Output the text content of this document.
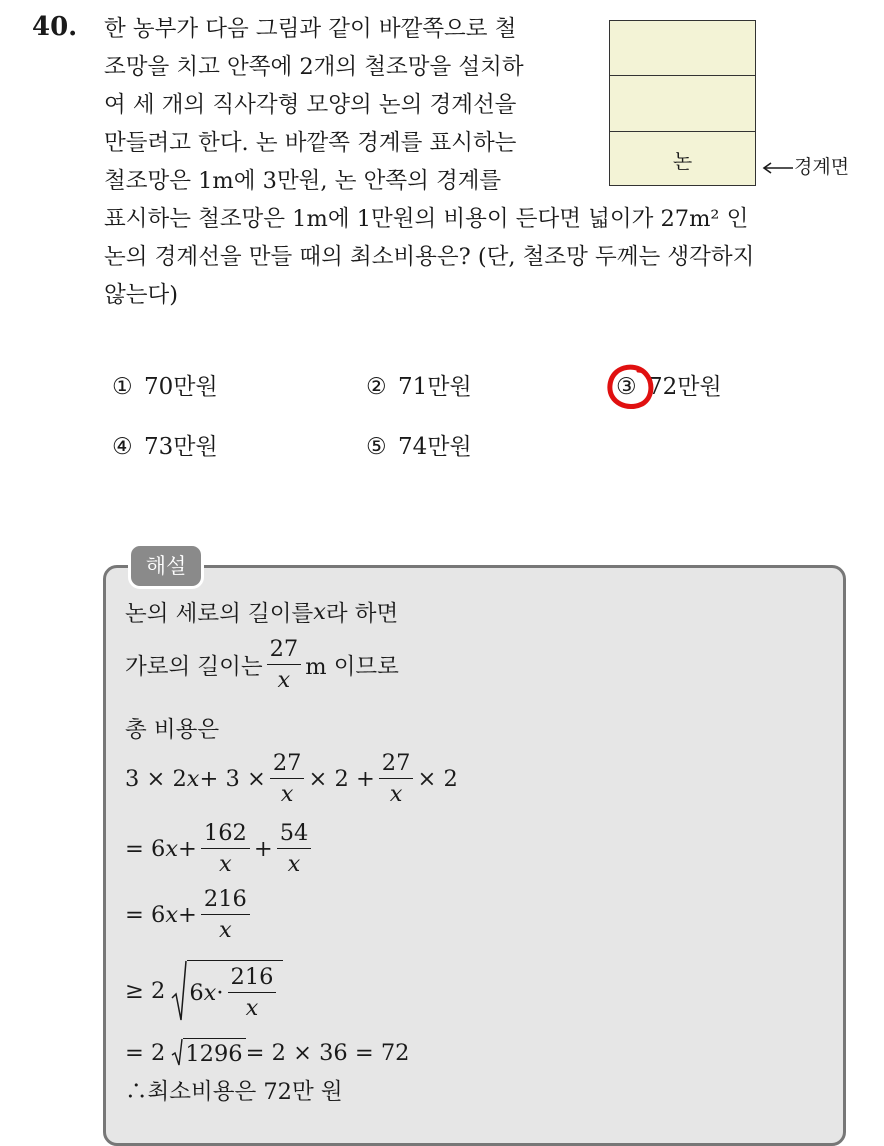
40. 한 농부가 다음 그림과 같이 바깥쪽으로 철
조망을 치고 안쪽에 2개의 철조망을 설치하
여 세 개의 직사각형 모양의 논의 경계선을
만들려고 한다. 논 바깥쪽 경계를 표시하는
철조망은 1m에 3만원, 논 안쪽의 경계를
표시하는 철조망은 1m에 1만원의 비용이 든다면 넓이가 27m² 인
논의 경계선을 만들 때의 최소비용은? (단, 철조망 두께는 생각하지
않는다)
논	경계면
① 70만원	② 71만원	③ 72만원
④ 73만원	⑤ 74만원
해설
논의 세로의 길이를 x 라 하면
가로의 길이는 $\frac{27}{x}$ m 이므로
총 비용은
3 × 2 $x + 3 \times \frac{27}{x} \times 2 + \frac{27}{x} \times 2$
= 6 $x + \frac{162}{x} + \frac{54}{x}$
= 6 $x + \frac{216}{x}$
≥ 2 6 $x \cdot \frac{216}{x}$
= 2 1296 = 2 × 36 = 72
∴최소비용은 72만 원
